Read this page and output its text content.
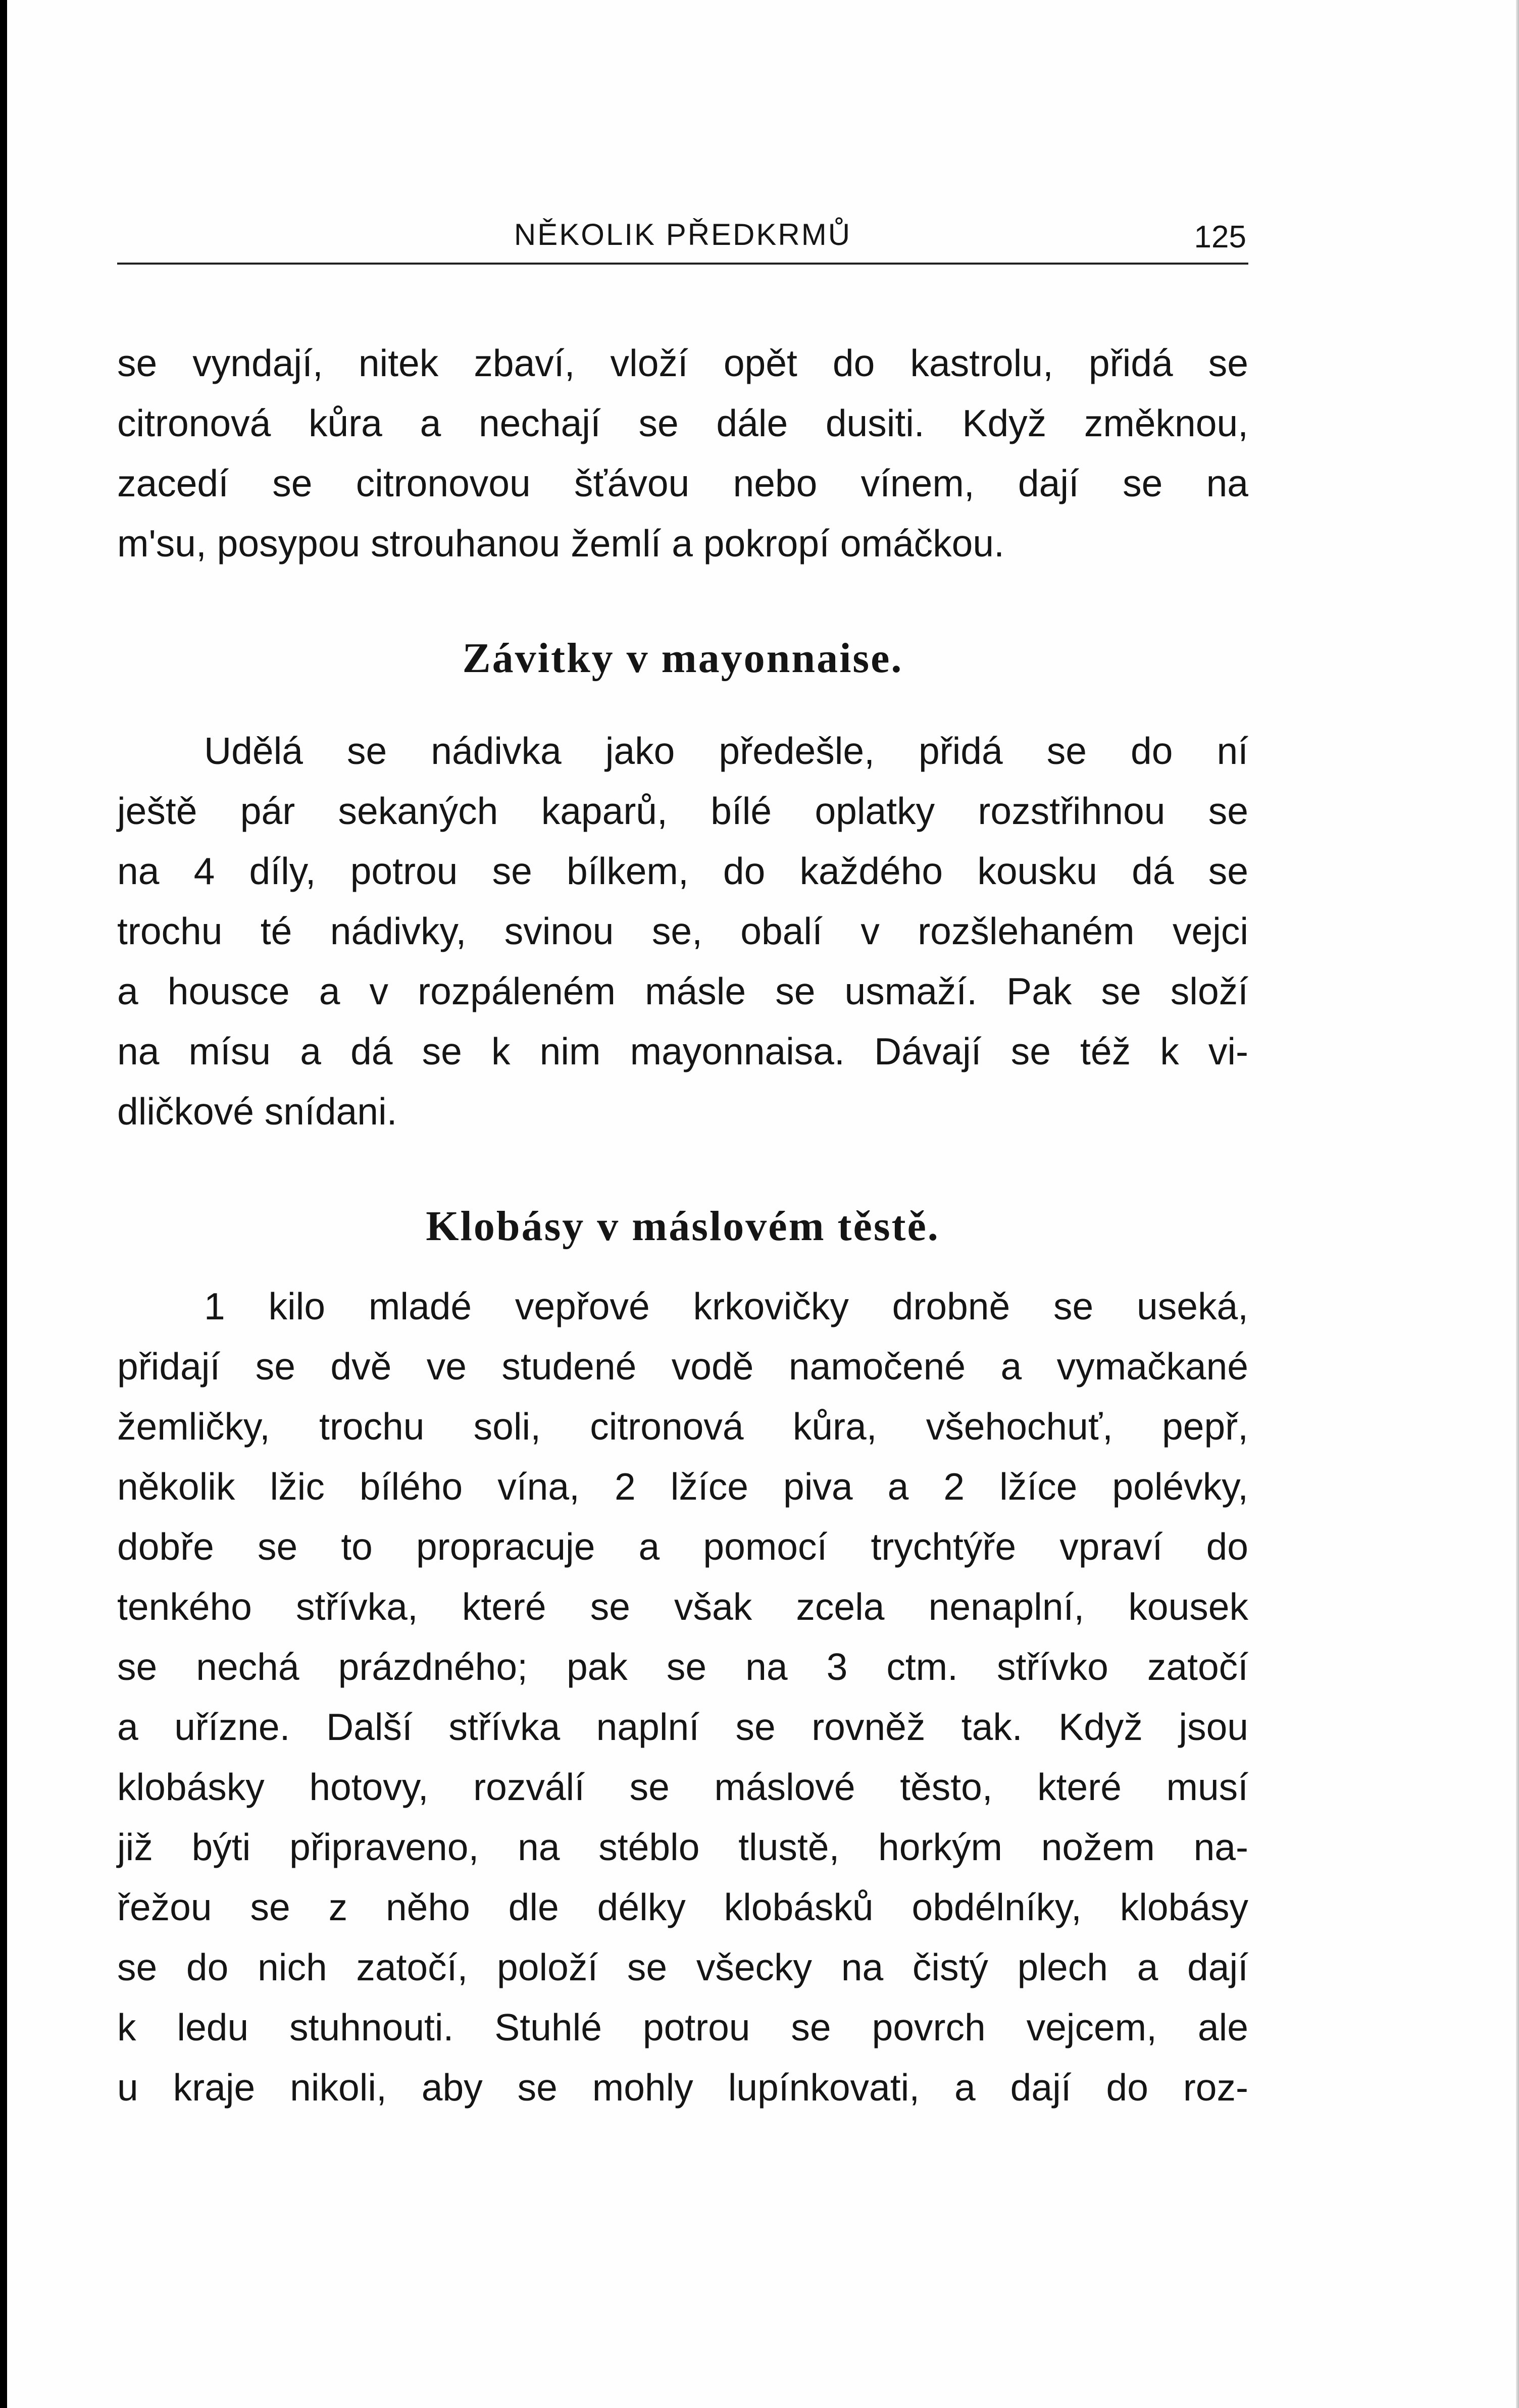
NĚKOLIK PŘEDKRMŮ	125
se vyndají, nitek zbaví, vloží opět do kastrolu, přidá se
citronová kůra a nechají se dále dusiti. Když změknou,
zacedí se citronovou šťávou nebo vínem, dají se na
m'su, posypou strouhanou žemlí a pokropí omáčkou.
Závitky v mayonnaise.
Udělá se nádivka jako předešle, přidá se do ní
ještě pár sekaných kaparů, bílé oplatky rozstřihnou se
na 4 díly, potrou se bílkem, do každého kousku dá se
trochu té nádivky, svinou se, obalí v rozšlehaném vejci
a housce a v rozpáleném másle se usmaží. Pak se složí
na mísu a dá se k nim mayonnaisa. Dávají se též k vi-
dličkové snídani.
Klobásy v máslovém těstě.
1 kilo mladé vepřové krkovičky drobně se useká,
přidají se dvě ve studené vodě namočené a vymačkané
žemličky, trochu soli, citronová kůra, všehochuť, pepř,
několik lžic bílého vína, 2 lžíce piva a 2 lžíce polévky,
dobře se to propracuje a pomocí trychtýře vpraví do
tenkého střívka, které se však zcela nenaplní, kousek
se nechá prázdného; pak se na 3 ctm. střívko zatočí
a uřízne. Další střívka naplní se rovněž tak. Když jsou
klobásky hotovy, rozválí se máslové těsto, které musí
již býti připraveno, na stéblo tlustě, horkým nožem na-
řežou se z něho dle délky klobásků obdélníky, klobásy
se do nich zatočí, položí se všecky na čistý plech a dají
k ledu stuhnouti. Stuhlé potrou se povrch vejcem, ale
u kraje nikoli, aby se mohly lupínkovati, a dají do roz-
